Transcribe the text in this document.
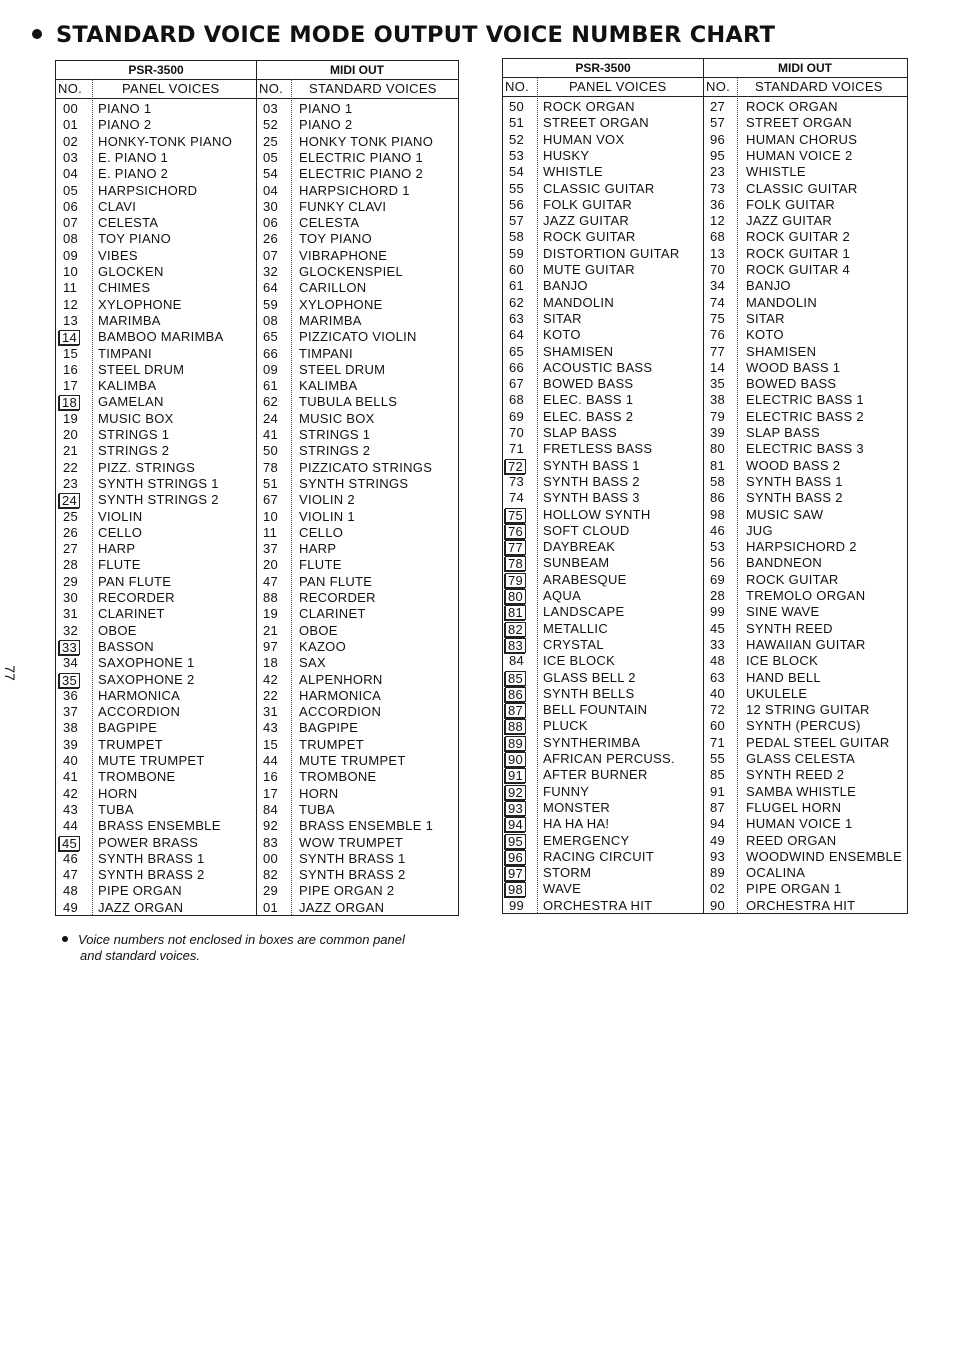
STANDARD VOICE MODE OUTPUT VOICE NUMBER CHART
77
PSR-3500	MIDI OUT
NO.	PANEL VOICES	NO. STANDARD VOICES
00 PIANO 1	03 PIANO 1
01 PIANO 2	52 PIANO 2
02 HONKY-TONK PIANO 25 HONKY TONK PIANO
03 E. PIANO 1	05 ELECTRIC PIANO 1
04 E. PIANO 2	54 ELECTRIC PIANO 2
05 HARPSICHORD	04 HARPSICHORD 1
06 CLAVI	30 FUNKY CLAVI
07 CELESTA	06 CELESTA
08 TOY PIANO	26 TOY PIANO
09 VIBES	07 VIBRAPHONE
10 GLOCKEN	32 GLOCKENSPIEL
11 CHIMES	64 CARILLON
12 XYLOPHONE	59 XYLOPHONE
13 MARIMBA	08 MARIMBA
14 BAMBOO MARIMBA	65 PIZZICATO VIOLIN
15 TIMPANI	66 TIMPANI
16 STEEL DRUM	09 STEEL DRUM
17 KALIMBA	61 KALIMBA
18 GAMELAN	62 TUBULA BELLS
19 MUSIC BOX	24 MUSIC BOX
20 STRINGS 1	41 STRINGS 1
21 STRINGS 2	50 STRINGS 2
22 PIZZ. STRINGS	78 PIZZICATO STRINGS
23 SYNTH STRINGS 1	51 SYNTH STRINGS
24 SYNTH STRINGS 2	67 VIOLIN 2
25 VIOLIN	10 VIOLIN 1
26 CELLO	11 CELLO
27 HARP	37 HARP
28 FLUTE	20 FLUTE
29 PAN FLUTE	47 PAN FLUTE
30 RECORDER	88 RECORDER
31 CLARINET	19 CLARINET
32 OBOE	21 OBOE
33 BASSON	97 KAZOO
34 SAXOPHONE 1	18 SAX
35 SAXOPHONE 2	42 ALPENHORN
36 HARMONICA	22 HARMONICA
37 ACCORDION	31 ACCORDION
38 BAGPIPE	43 BAGPIPE
39 TRUMPET	15 TRUMPET
40 MUTE TRUMPET	44 MUTE TRUMPET
41 TROMBONE	16 TROMBONE
42 HORN	17 HORN
43 TUBA	84 TUBA
44 BRASS ENSEMBLE	92 BRASS ENSEMBLE 1
45 POWER BRASS	83 WOW TRUMPET
46 SYNTH BRASS 1	00 SYNTH BRASS 1
47 SYNTH BRASS 2	82 SYNTH BRASS 2
48 PIPE ORGAN	29 PIPE ORGAN 2
49 JAZZ ORGAN	01 JAZZ ORGAN
PSR-3500	MIDI OUT
NO.	PANEL VOICES	NO. STANDARD VOICES
50 ROCK ORGAN	27 ROCK ORGAN
51 STREET ORGAN	57 STREET ORGAN
52 HUMAN VOX	96 HUMAN CHORUS
53 HUSKY	95 HUMAN VOICE 2
54 WHISTLE	23 WHISTLE
55 CLASSIC GUITAR	73 CLASSIC GUITAR
56 FOLK GUITAR	36 FOLK GUITAR
57 JAZZ GUITAR	12 JAZZ GUITAR
58 ROCK GUITAR	68 ROCK GUITAR 2
59 DISTORTION GUITAR 13 ROCK GUITAR 1
60 MUTE GUITAR	70 ROCK GUITAR 4
61 BANJO	34 BANJO
62 MANDOLIN	74 MANDOLIN
63 SITAR	75 SITAR
64 KOTO	76 KOTO
65 SHAMISEN	77 SHAMISEN
66 ACOUSTIC BASS	14 WOOD BASS 1
67 BOWED BASS	35 BOWED BASS
68 ELEC. BASS 1	38 ELECTRIC BASS 1
69 ELEC. BASS 2	79 ELECTRIC BASS 2
70 SLAP BASS	39 SLAP BASS
71 FRETLESS BASS	80 ELECTRIC BASS 3
72 SYNTH BASS 1	81 WOOD BASS 2
73 SYNTH BASS 2	58 SYNTH BASS 1
74 SYNTH BASS 3	86 SYNTH BASS 2
75 HOLLOW SYNTH	98 MUSIC SAW
76 SOFT CLOUD	46 JUG
77 DAYBREAK	53 HARPSICHORD 2
78 SUNBEAM	56 BANDNEON
79 ARABESQUE	69 ROCK GUITAR
80 AQUA	28 TREMOLO ORGAN
81 LANDSCAPE	99 SINE WAVE
82 METALLIC	45 SYNTH REED
83 CRYSTAL	33 HAWAIIAN GUITAR
84 ICE BLOCK	48 ICE BLOCK
85 GLASS BELL 2	63 HAND BELL
86 SYNTH BELLS	40 UKULELE
87 BELL FOUNTAIN	72 12 STRING GUITAR
88 PLUCK	60 SYNTH (PERCUS)
89 SYNTHERIMBA	71 PEDAL STEEL GUITAR
90 AFRICAN PERCUSS.	55 GLASS CELESTA
91 AFTER BURNER	85 SYNTH REED 2
92 FUNNY	91 SAMBA WHISTLE
93 MONSTER	87 FLUGEL HORN
94 HA HA HA!	94 HUMAN VOICE 1
95 EMERGENCY	49 REED ORGAN
96 RACING CIRCUIT	93 WOODWIND ENSEMBLE
97 STORM	89 OCALINA
98 WAVE	02 PIPE ORGAN 1
99 ORCHESTRA HIT	90 ORCHESTRA HIT
Voice numbers not enclosed in boxes are common panel
and standard voices.
